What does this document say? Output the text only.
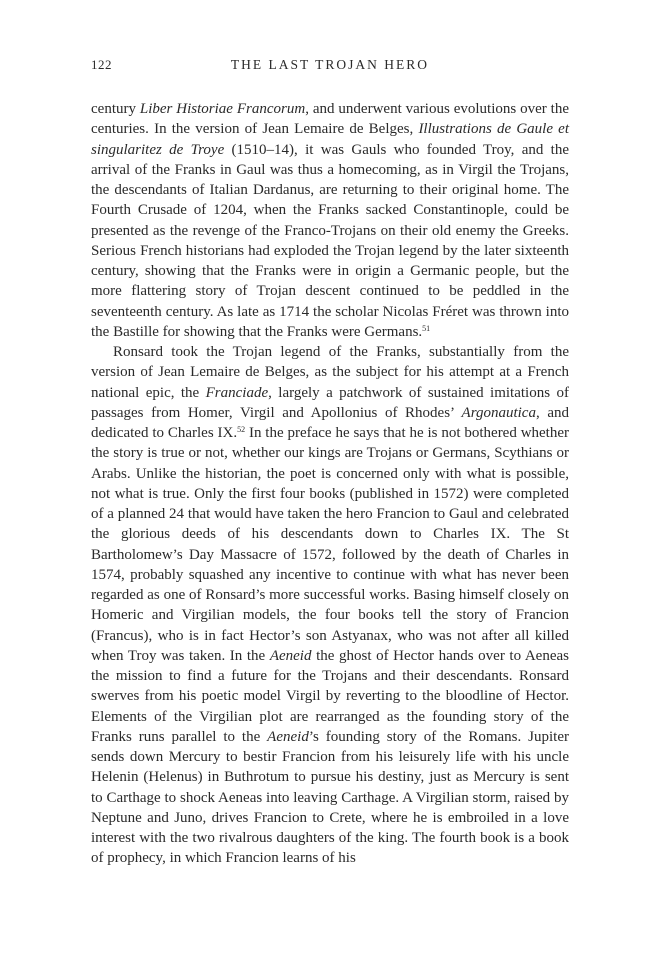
122	THE LAST TROJAN HERO

century Liber Historiae Francorum, and underwent various evolutions over the centuries. In the version of Jean Lemaire de Belges, Illustrations de Gaule et singularitez de Troye (1510–14), it was Gauls who founded Troy, and the arrival of the Franks in Gaul was thus a homecoming, as in Virgil the Trojans, the descendants of Italian Dardanus, are returning to their original home. The Fourth Crusade of 1204, when the Franks sacked Constantinople, could be presented as the revenge of the Franco-Trojans on their old enemy the Greeks. Serious French historians had exploded the Trojan legend by the later sixteenth century, showing that the Franks were in origin a Germanic people, but the more flattering story of Trojan descent continued to be peddled in the seventeenth century. As late as 1714 the scholar Nicolas Fréret was thrown into the Bastille for showing that the Franks were Germans.$^{51}$

Ronsard took the Trojan legend of the Franks, substantially from the version of Jean Lemaire de Belges, as the subject for his attempt at a French national epic, the Franciade, largely a patchwork of sustained imitations of passages from Homer, Virgil and Apollonius of Rhodes’ Argonautica, and dedicated to Charles IX.$^{52}$ In the preface he says that he is not bothered whether the story is true or not, whether our kings are Trojans or Germans, Scythians or Arabs. Unlike the historian, the poet is concerned only with what is possible, not what is true. Only the first four books (published in 1572) were completed of a planned 24 that would have taken the hero Francion to Gaul and celebrated the glorious deeds of his descendants down to Charles IX. The St Bartholomew’s Day Massacre of 1572, followed by the death of Charles in 1574, probably squashed any incentive to continue with what has never been regarded as one of Ronsard’s more successful works. Basing himself closely on Homeric and Virgilian models, the four books tell the story of Francion (Francus), who is in fact Hector’s son Astyanax, who was not after all killed when Troy was taken. In the Aeneid the ghost of Hector hands over to Aeneas the mission to find a future for the Trojans and their descendants. Ronsard swerves from his poetic model Virgil by reverting to the bloodline of Hector. Elements of the Virgilian plot are rearranged as the founding story of the Franks runs parallel to the Aeneid’s founding story of the Romans. Jupiter sends down Mercury to bestir Francion from his leisurely life with his uncle Helenin (Helenus) in Buthrotum to pursue his destiny, just as Mercury is sent to Carthage to shock Aeneas into leaving Carthage. A Virgilian storm, raised by Neptune and Juno, drives Francion to Crete, where he is embroiled in a love interest with the two rivalrous daughters of the king. The fourth book is a book of prophecy, in which Francion learns of his
